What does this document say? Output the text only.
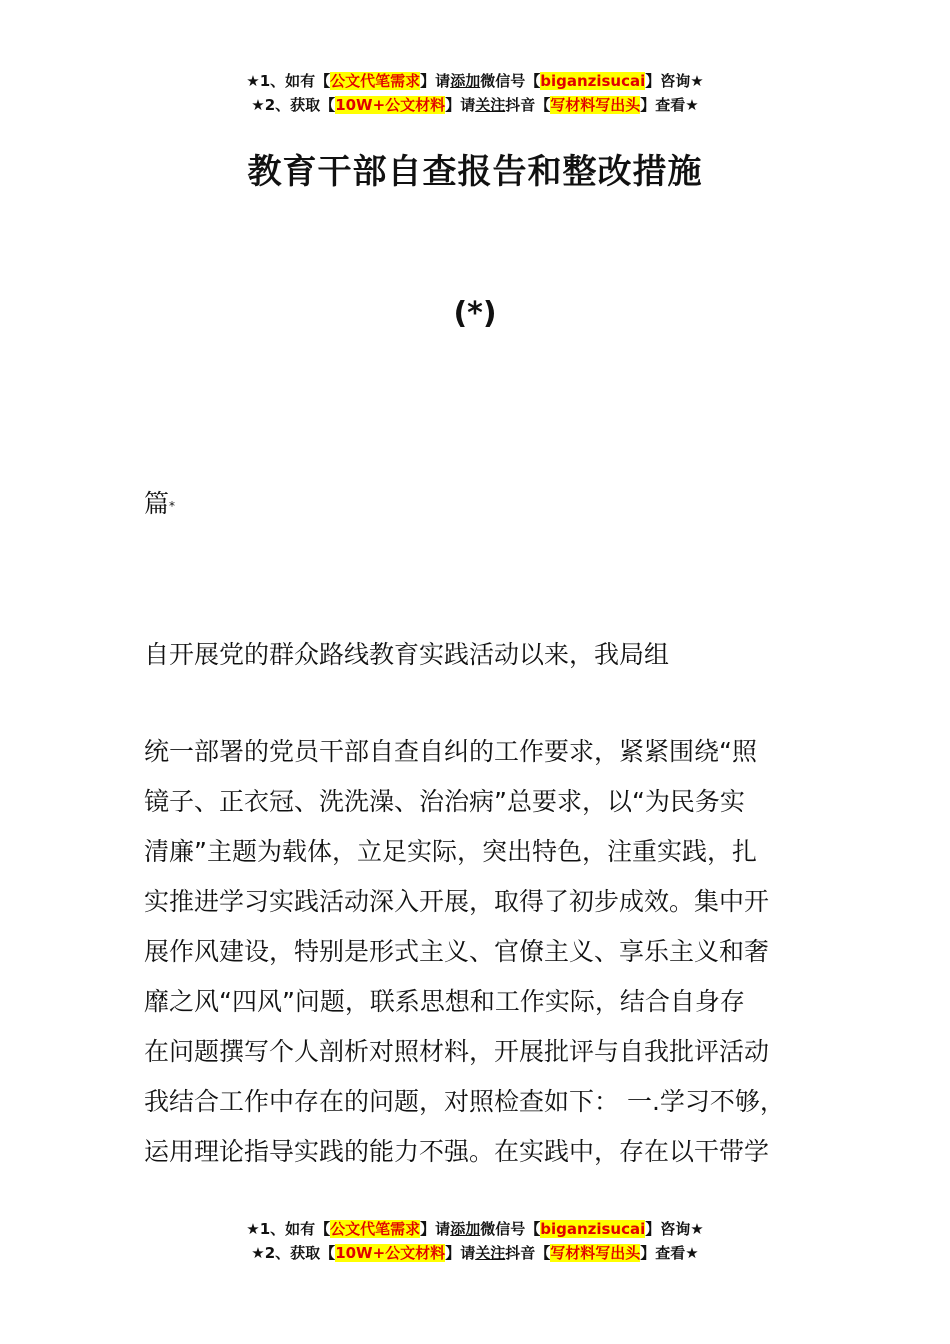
★1、如有【公文代笔需求】请添加微信号【biganzisucai】咨询★
★2、获取【10W+公文材料】请关注抖音【写材料写出头】查看★
教育干部自查报告和整改措施
(*)
篇*
自开展党的群众路线教育实践活动以来，我局组
统一部署的党员干部自查自纠的工作要求，紧紧围绕“照
镜子、正衣冠、洗洗澡、治治病”总要求，以“为民务实
清廉”主题为载体，立足实际，突出特色，注重实践，扎
实推进学习实践活动深入开展，取得了初步成效。集中开
展作风建设，特别是形式主义、官僚主义、享乐主义和奢
靡之风“四风”问题，联系思想和工作实际，结合自身存
在问题撰写个人剖析对照材料，开展批评与自我批评活动
我结合工作中存在的问题，对照检查如下： 一.学习不够，
运用理论指导实践的能力不强。在实践中，存在以干带学
★1、如有【公文代笔需求】请添加微信号【biganzisucai】咨询★
★2、获取【10W+公文材料】请关注抖音【写材料写出头】查看★
